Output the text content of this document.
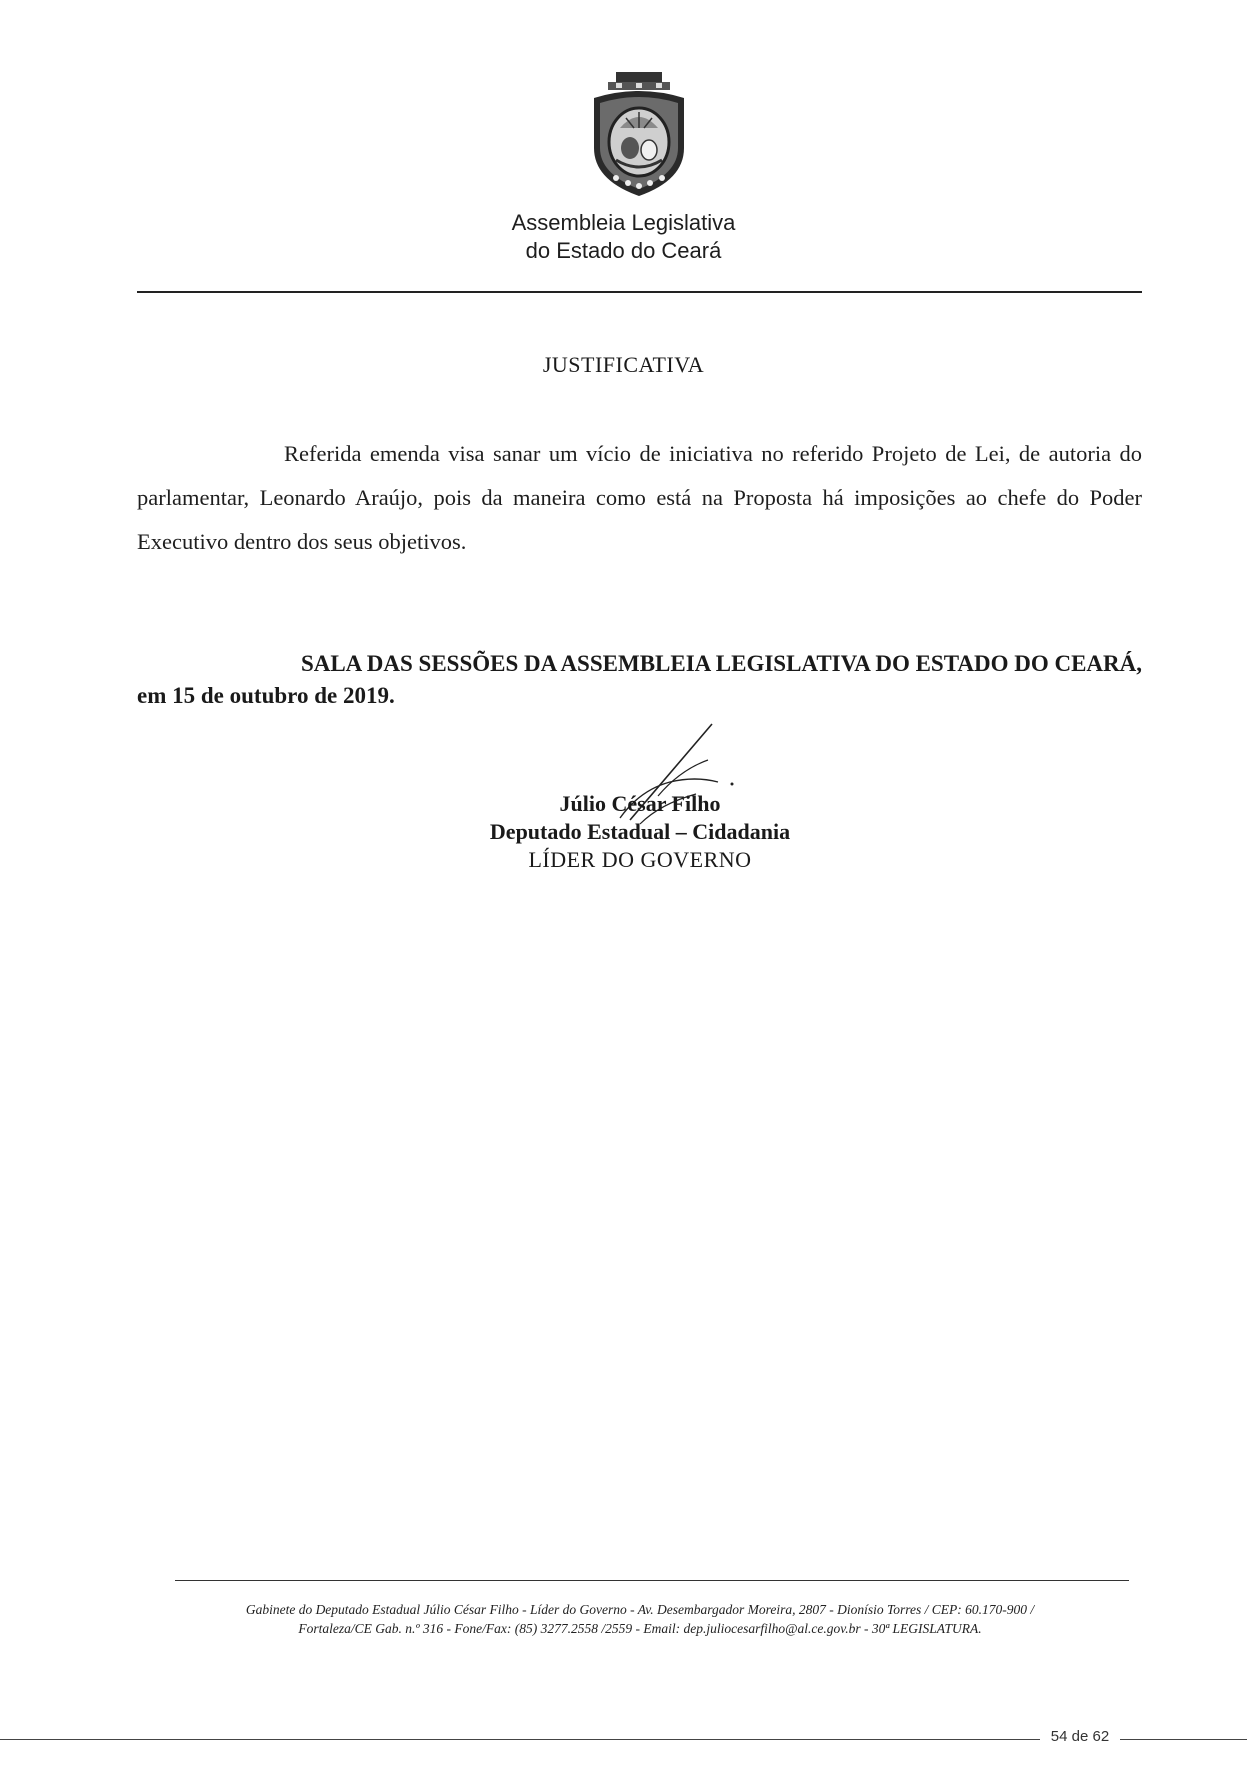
Assembleia Legislativa
do Estado do Ceará
JUSTIFICATIVA
Referida emenda visa sanar um vício de iniciativa no referido Projeto de Lei, de autoria do parlamentar, Leonardo Araújo, pois da maneira como está na Proposta há imposições ao chefe do Poder Executivo dentro dos seus objetivos.
SALA DAS SESSÕES DA ASSEMBLEIA LEGISLATIVA DO ESTADO DO CEARÁ,
em 15 de outubro de 2019.
Júlio César Filho
Deputado Estadual – Cidadania
LÍDER DO GOVERNO
Gabinete do Deputado Estadual Júlio César Filho - Líder do Governo - Av. Desembargador Moreira, 2807 - Dionísio Torres / CEP: 60.170-900 /
Fortaleza/CE Gab. n.º 316 - Fone/Fax: (85) 3277.2558 /2559 - Email: dep.juliocesarfilho@al.ce.gov.br - 30ª LEGISLATURA.
54 de 62
